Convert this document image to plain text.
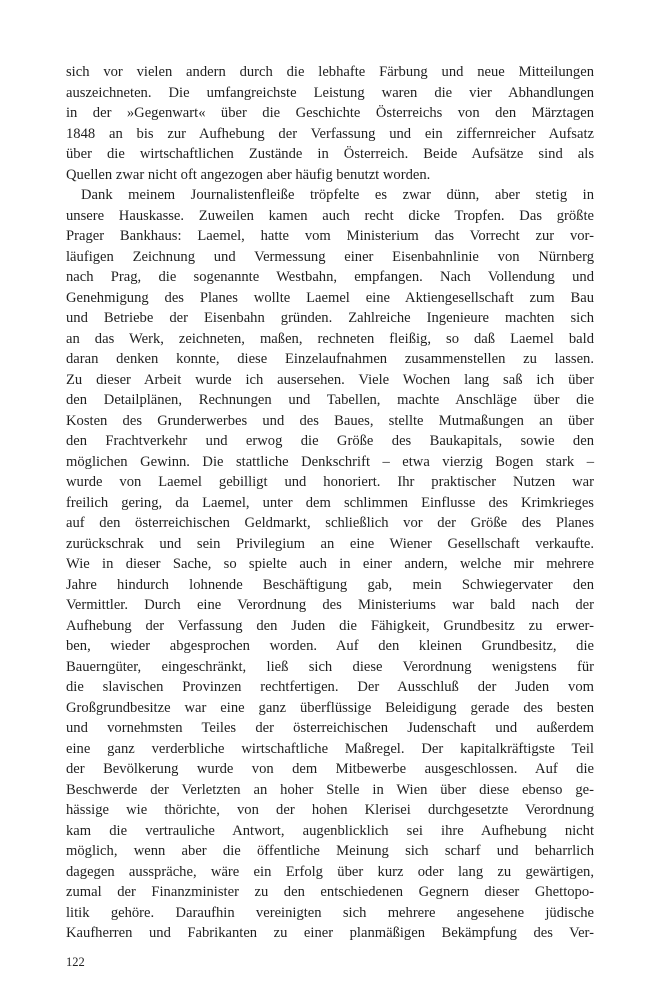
sich vor vielen andern durch die lebhafte Färbung und neue Mitteilungen
auszeichneten. Die umfangreichste Leistung waren die vier Abhandlungen
in der »Gegenwart« über die Geschichte Österreichs von den Märztagen
1848 an bis zur Aufhebung der Verfassung und ein ziffernreicher Aufsatz
über die wirtschaftlichen Zustände in Österreich. Beide Aufsätze sind als
Quellen zwar nicht oft angezogen aber häufig benutzt worden.
Dank meinem Journalistenfleiße tröpfelte es zwar dünn, aber stetig in
unsere Hauskasse. Zuweilen kamen auch recht dicke Tropfen. Das größte
Prager Bankhaus: Laemel, hatte vom Ministerium das Vorrecht zur vor-
läufigen Zeichnung und Vermessung einer Eisenbahnlinie von Nürnberg
nach Prag, die sogenannte Westbahn, empfangen. Nach Vollendung und
Genehmigung des Planes wollte Laemel eine Aktiengesellschaft zum Bau
und Betriebe der Eisenbahn gründen. Zahlreiche Ingenieure machten sich
an das Werk, zeichneten, maßen, rechneten fleißig, so daß Laemel bald
daran denken konnte, diese Einzelaufnahmen zusammenstellen zu lassen.
Zu dieser Arbeit wurde ich ausersehen. Viele Wochen lang saß ich über
den Detailplänen, Rechnungen und Tabellen, machte Anschläge über die
Kosten des Grunderwerbes und des Baues, stellte Mutmaßungen an über
den Frachtverkehr und erwog die Größe des Baukapitals, sowie den
möglichen Gewinn. Die stattliche Denkschrift – etwa vierzig Bogen stark –
wurde von Laemel gebilligt und honoriert. Ihr praktischer Nutzen war
freilich gering, da Laemel, unter dem schlimmen Einflusse des Krimkrieges
auf den österreichischen Geldmarkt, schließlich vor der Größe des Planes
zurückschrak und sein Privilegium an eine Wiener Gesellschaft verkaufte.
Wie in dieser Sache, so spielte auch in einer andern, welche mir mehrere
Jahre hindurch lohnende Beschäftigung gab, mein Schwiegervater den
Vermittler. Durch eine Verordnung des Ministeriums war bald nach der
Aufhebung der Verfassung den Juden die Fähigkeit, Grundbesitz zu erwer-
ben, wieder abgesprochen worden. Auf den kleinen Grundbesitz, die
Bauerngüter, eingeschränkt, ließ sich diese Verordnung wenigstens für
die slavischen Provinzen rechtfertigen. Der Ausschluß der Juden vom
Großgrundbesitze war eine ganz überflüssige Beleidigung gerade des besten
und vornehmsten Teiles der österreichischen Judenschaft und außerdem
eine ganz verderbliche wirtschaftliche Maßregel. Der kapitalkräftigste Teil
der Bevölkerung wurde von dem Mitbewerbe ausgeschlossen. Auf die
Beschwerde der Verletzten an hoher Stelle in Wien über diese ebenso ge-
hässige wie thörichte, von der hohen Klerisei durchgesetzte Verordnung
kam die vertrauliche Antwort, augenblicklich sei ihre Aufhebung nicht
möglich, wenn aber die öffentliche Meinung sich scharf und beharrlich
dagegen ausspräche, wäre ein Erfolg über kurz oder lang zu gewärtigen,
zumal der Finanzminister zu den entschiedenen Gegnern dieser Ghettopo-
litik gehöre. Daraufhin vereinigten sich mehrere angesehene jüdische
Kaufherren und Fabrikanten zu einer planmäßigen Bekämpfung des Ver-
122
